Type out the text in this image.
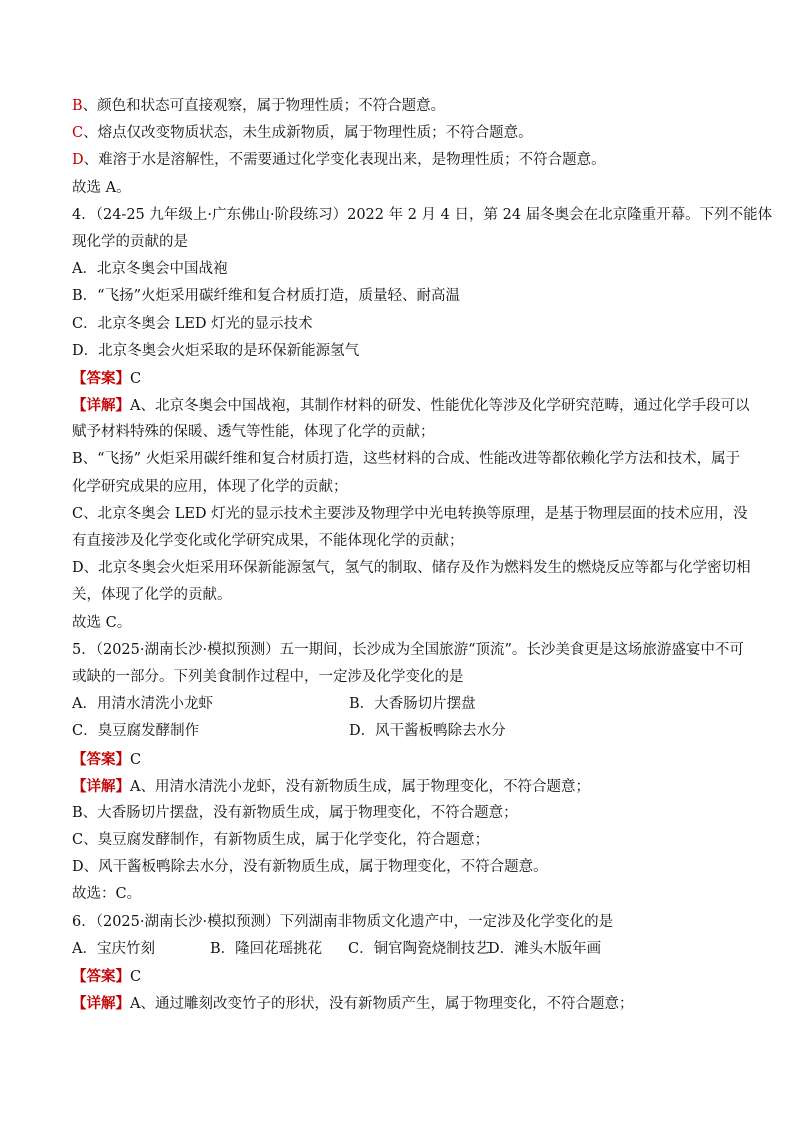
B、颜色和状态可直接观察，属于物理性质；不符合题意。
C、熔点仅改变物质状态，未生成新物质，属于物理性质；不符合题意。
D、难溶于水是溶解性，不需要通过化学变化表现出来，是物理性质；不符合题意。
故选 A。
4．（24-25 九年级上·广东佛山·阶段练习）2022 年 2 月 4 日，第 24 届冬奥会在北京隆重开幕。下列不能体
现化学的贡献的是
A．北京冬奥会中国战袍
B．“飞扬”火炬采用碳纤维和复合材质打造，质量轻、耐高温
C．北京冬奥会 LED 灯光的显示技术
D．北京冬奥会火炬采取的是环保新能源氢气
【答案】C
【详解】A、北京冬奥会中国战袍，其制作材料的研发、性能优化等涉及化学研究范畴，通过化学手段可以
赋予材料特殊的保暖、透气等性能，体现了化学的贡献；
B、“飞扬” 火炬采用碳纤维和复合材质打造，这些材料的合成、性能改进等都依赖化学方法和技术，属于
化学研究成果的应用，体现了化学的贡献；
C、北京冬奥会 LED 灯光的显示技术主要涉及物理学中光电转换等原理，是基于物理层面的技术应用，没
有直接涉及化学变化或化学研究成果，不能体现化学的贡献；
D、北京冬奥会火炬采用环保新能源氢气，氢气的制取、储存及作为燃料发生的燃烧反应等都与化学密切相
关，体现了化学的贡献。
故选 C。
5．（2025·湖南长沙·模拟预测）五一期间，长沙成为全国旅游“顶流”。长沙美食更是这场旅游盛宴中不可
或缺的一部分。下列美食制作过程中，一定涉及化学变化的是
A．用清水清洗小龙虾	B．大香肠切片摆盘
C．臭豆腐发酵制作	D．风干酱板鸭除去水分
【答案】C
【详解】A、用清水清洗小龙虾，没有新物质生成，属于物理变化，不符合题意；
B、大香肠切片摆盘，没有新物质生成，属于物理变化，不符合题意；
C、臭豆腐发酵制作，有新物质生成，属于化学变化，符合题意；
D、风干酱板鸭除去水分，没有新物质生成，属于物理变化，不符合题意。
故选：C。
6．（2025·湖南长沙·模拟预测）下列湖南非物质文化遗产中，一定涉及化学变化的是
A．宝庆竹刻	B．隆回花瑶挑花	C．铜官陶瓷烧制技艺
D．滩头木版年画
【答案】C
【详解】A、通过雕刻改变竹子的形状，没有新物质产生，属于物理变化，不符合题意；
